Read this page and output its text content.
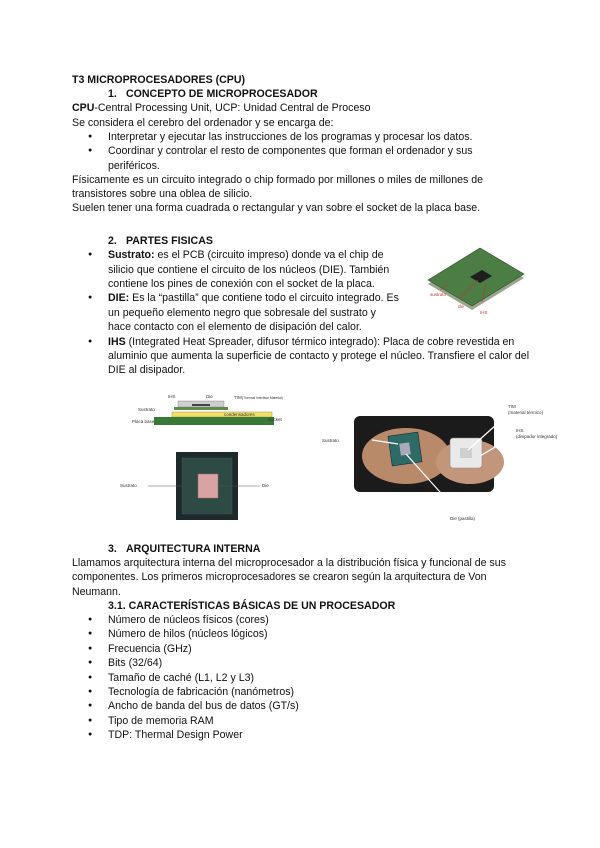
T3 MICROPROCESADORES (CPU)
1. CONCEPTO DE MICROPROCESADOR
CPU-Central Processing Unit, UCP: Unidad Central de Proceso
Se considera el cerebro del ordenador y se encarga de:
● Interpretar y ejecutar las instrucciones de los programas y procesar los datos.
● Coordinar y controlar el resto de componentes que forman el ordenador y sus periféricos.
Físicamente es un circuito integrado o chip formado por millones o miles de millones de transistores sobre una oblea de silicio.
Suelen tener una forma cuadrada o rectangular y van sobre el socket de la placa base.
2. PARTES FISICAS
● Sustrato: es el PCB (circuito impreso) donde va el chip de silicio que contiene el circuito de los núcleos (DIE). También contiene los pines de conexión con el socket de la placa.
● DIE: Es la “pastilla” que contiene todo el circuito integrado. Es un pequeño elemento negro que sobresale del sustrato y hace contacto con el elemento de disipación del calor.
● IHS (Integrated Heat Spreader, difusor térmico integrado): Placa de cobre revestida en aluminio que aumenta la superficie de contacto y protege el núcleo. Transfiere el calor del DIE al disipador.
sustrato
die
IHS
IHS	Die	TIM (Thermal Interface Material)
Sustrato
condensadores
Socket
Placa base
Sustrato	Die
Sustrato
TIM
(material térmico)
IHS
(disipador integrado)
Die (pastilla)
3. ARQUITECTURA INTERNA
Llamamos arquitectura interna del microprocesador a la distribución física y funcional de sus componentes. Los primeros microprocesadores se crearon según la arquitectura de Von Neumann.
3.1. CARACTERÍSTICAS BÁSICAS DE UN PROCESADOR
● Número de núcleos físicos (cores)
● Número de hilos (núcleos lógicos)
● Frecuencia (GHz)
● Bits (32/64)
● Tamaño de caché (L1, L2 y L3)
● Tecnología de fabricación (nanómetros)
● Ancho de banda del bus de datos (GT/s)
● Tipo de memoria RAM
● TDP: Thermal Design Power
